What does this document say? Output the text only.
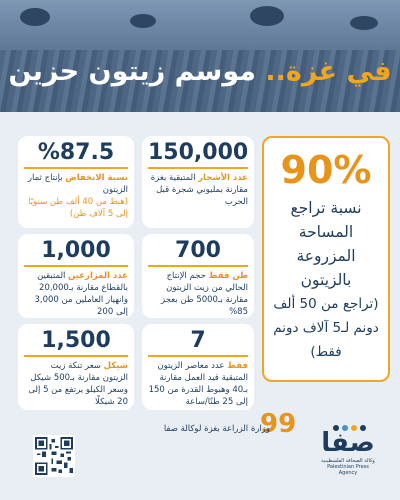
في غزة.. موسم زيتون حزين
90%
نسبة تراجع المساحة المزروعة بالزيتون
(تراجع من 50 ألف دونم لـ5 آلاف دونم فقط)
150,000
عدد الأشجار المتبقية بغزة مقارنة بمليوني شجرة قبل الحرب
%87.5
نسبة الانخفاض بإنتاج ثمار الزيتون
(هبط من 40 ألف طن سنويًا إلى 5 آلاف طن)
700
طن فقط حجم الإنتاج الحالي من زيت الزيتون مقارنة بـ5000 طن بعجز 85%
1,000
عدد المزارعين المتبقين بالقطاع مقارنة بـ20,000 وانهيار العاملين من 3,000 إلى 200
7
فقط عدد معاصر الزيتون المتبقية قيد العمل مقارنة بـ40 وهبوط القدرة من 150 إلى 25 طنًا/ساعة
1,500
شيكل سعر تنكة زيت الزيتون مقارنة بـ500 شيكل وسعر الكيلو يرتفع من 5 إلى 20 شيكلًا
99
وزارة الزراعة بغزة لوكالة صفا صفا
وكالة الصحافة الفلسطينية
Palestinian Press Agency
